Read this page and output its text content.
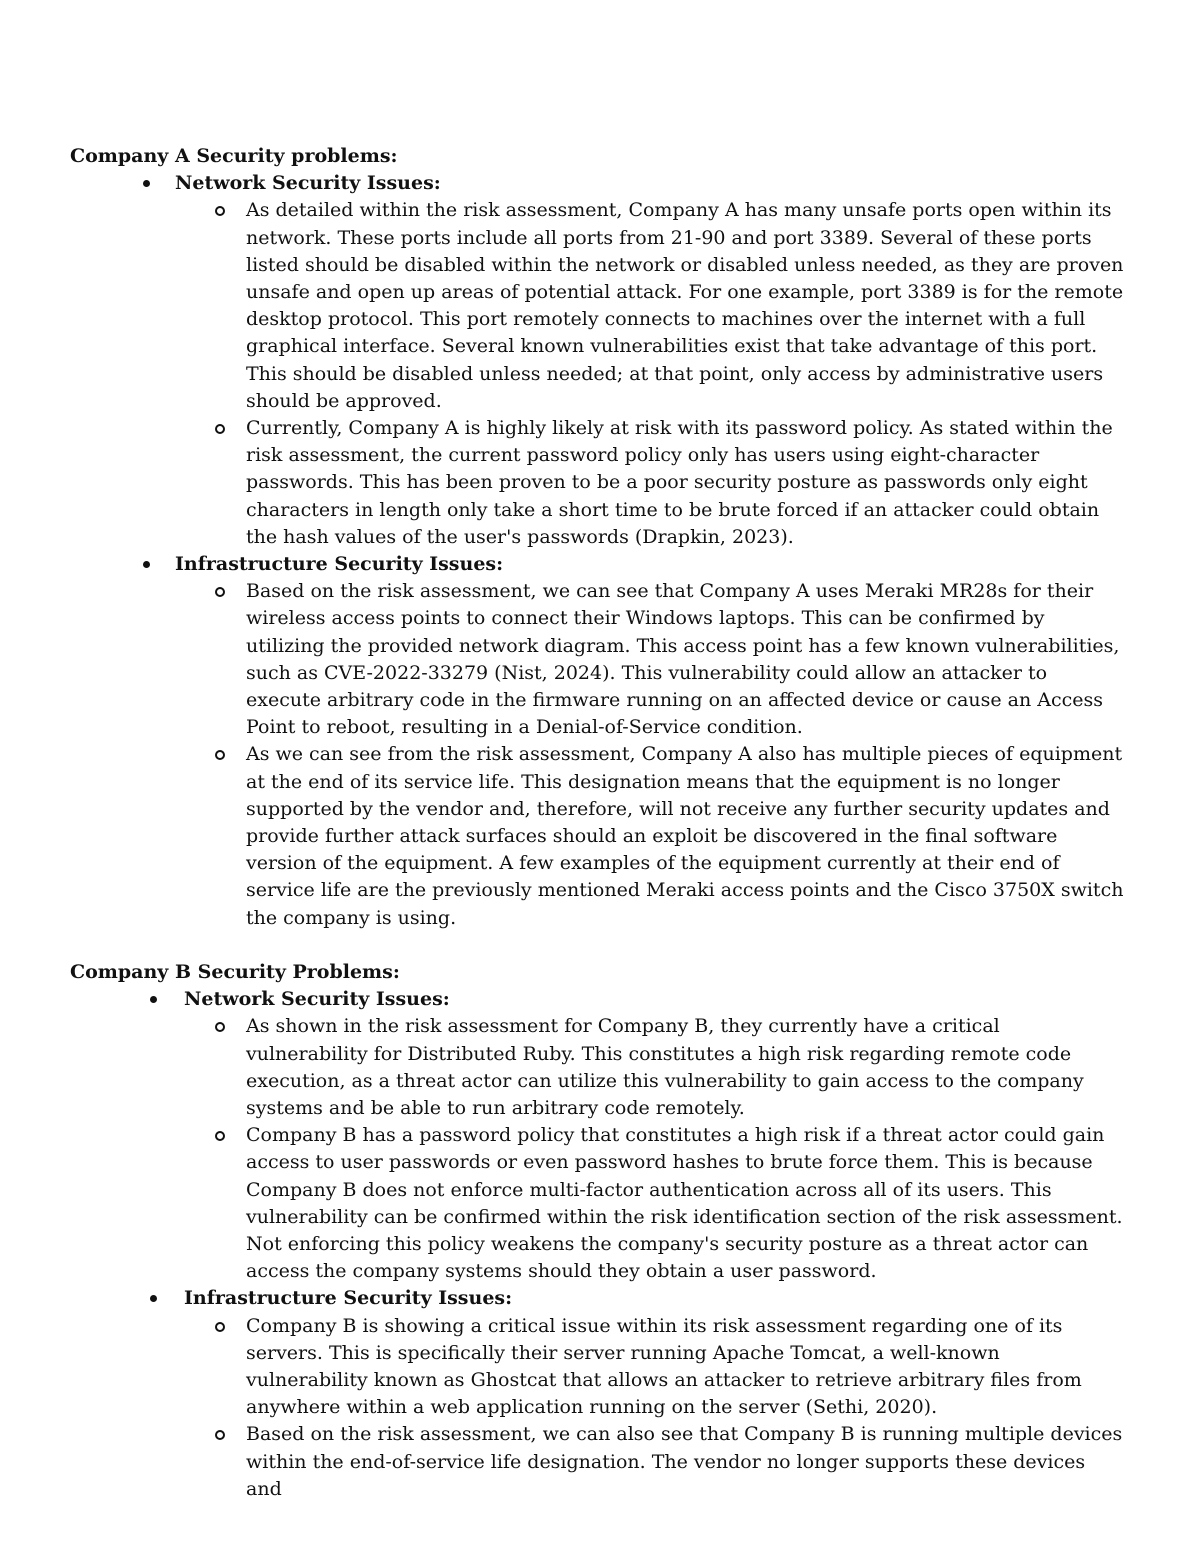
Company A Security problems:
Network Security Issues:
As detailed within the risk assessment, Company A has many unsafe ports open within its network. These ports include all ports from 21-90 and port 3389. Several of these ports listed should be disabled within the network or disabled unless needed, as they are proven unsafe and open up areas of potential attack. For one example, port 3389 is for the remote desktop protocol. This port remotely connects to machines over the internet with a full graphical interface. Several known vulnerabilities exist that take advantage of this port. This should be disabled unless needed; at that point, only access by administrative users should be approved.
Currently, Company A is highly likely at risk with its password policy. As stated within the risk assessment, the current password policy only has users using eight-character passwords. This has been proven to be a poor security posture as passwords only eight characters in length only take a short time to be brute forced if an attacker could obtain the hash values of the user's passwords (Drapkin, 2023).
Infrastructure Security Issues:
Based on the risk assessment, we can see that Company A uses Meraki MR28s for their wireless access points to connect their Windows laptops. This can be confirmed by utilizing the provided network diagram. This access point has a few known vulnerabilities, such as CVE-2022-33279 (Nist, 2024). This vulnerability could allow an attacker to execute arbitrary code in the firmware running on an affected device or cause an Access Point to reboot, resulting in a Denial-of-Service condition.
As we can see from the risk assessment, Company A also has multiple pieces of equipment at the end of its service life. This designation means that the equipment is no longer supported by the vendor and, therefore, will not receive any further security updates and provide further attack surfaces should an exploit be discovered in the final software version of the equipment. A few examples of the equipment currently at their end of service life are the previously mentioned Meraki access points and the Cisco 3750X switch the company is using.
Company B Security Problems:
Network Security Issues:
As shown in the risk assessment for Company B, they currently have a critical vulnerability for Distributed Ruby. This constitutes a high risk regarding remote code execution, as a threat actor can utilize this vulnerability to gain access to the company systems and be able to run arbitrary code remotely.
Company B has a password policy that constitutes a high risk if a threat actor could gain access to user passwords or even password hashes to brute force them. This is because Company B does not enforce multi-factor authentication across all of its users. This vulnerability can be confirmed within the risk identification section of the risk assessment. Not enforcing this policy weakens the company's security posture as a threat actor can access the company systems should they obtain a user password.
Infrastructure Security Issues:
Company B is showing a critical issue within its risk assessment regarding one of its servers. This is specifically their server running Apache Tomcat, a well-known vulnerability known as Ghostcat that allows an attacker to retrieve arbitrary files from anywhere within a web application running on the server (Sethi, 2020).
Based on the risk assessment, we can also see that Company B is running multiple devices within the end-of-service life designation. The vendor no longer supports these devices and
